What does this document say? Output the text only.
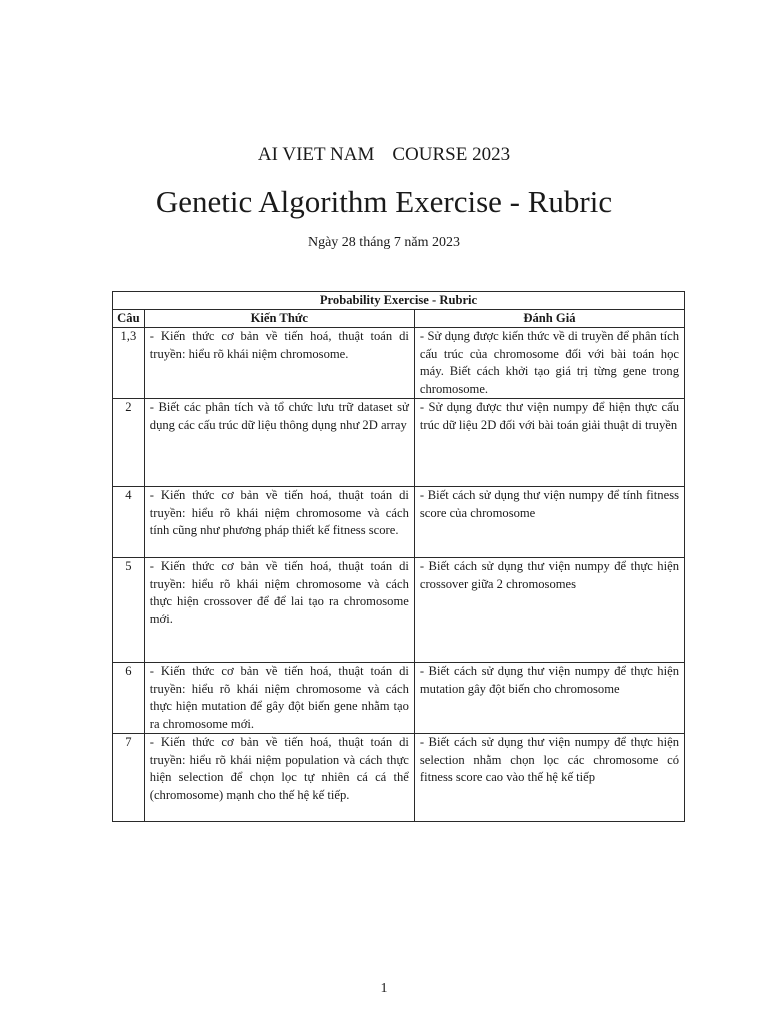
AI VIET NAM COURSE 2023
Genetic Algorithm Exercise - Rubric
Ngày 28 tháng 7 năm 2023
Probability Exercise - Rubric		
Câu	Kiến Thức	Đánh Giá
1,3	- Kiến thức cơ bản về tiến hoá, thuật toán di truyền: hiểu rõ khái niệm chromosome.	- Sử dụng được kiến thức về di truyền để phân tích cấu trúc của chromosome đối với bài toán học máy. Biết cách khởi tạo giá trị từng gene trong chromosome.
2	- Biết các phân tích và tổ chức lưu trữ dataset sử dụng các cấu trúc dữ liệu thông dụng như 2D array	- Sử dụng được thư viện numpy để hiện thực cấu trúc dữ liệu 2D đối với bài toán giải thuật di truyền
4	- Kiến thức cơ bản về tiến hoá, thuật toán di truyền: hiểu rõ khái niệm chromosome và cách tính cũng như phương pháp thiết kế fitness score.	- Biết cách sử dụng thư viện numpy để tính fitness score của chromosome
5	- Kiến thức cơ bản về tiến hoá, thuật toán di truyền: hiểu rõ khái niệm chromosome và cách thực hiện crossover để để lai tạo ra chromosome mới.	- Biết cách sử dụng thư viện numpy để thực hiện crossover giữa 2 chromosomes
6	- Kiến thức cơ bản về tiến hoá, thuật toán di truyền: hiểu rõ khái niệm chromosome và cách thực hiện mutation để gây đột biến gene nhằm tạo ra chromosome mới.	- Biết cách sử dụng thư viện numpy để thực hiện mutation gây đột biến cho chromosome
7	- Kiến thức cơ bản về tiến hoá, thuật toán di truyền: hiểu rõ khái niệm population và cách thực hiện selection để chọn lọc tự nhiên cá cá thể (chromosome) mạnh cho thế hệ kế tiếp.	- Biết cách sử dụng thư viện numpy để thực hiện selection nhằm chọn lọc các chromosome có fitness score cao vào thế hệ kế tiếp
1
